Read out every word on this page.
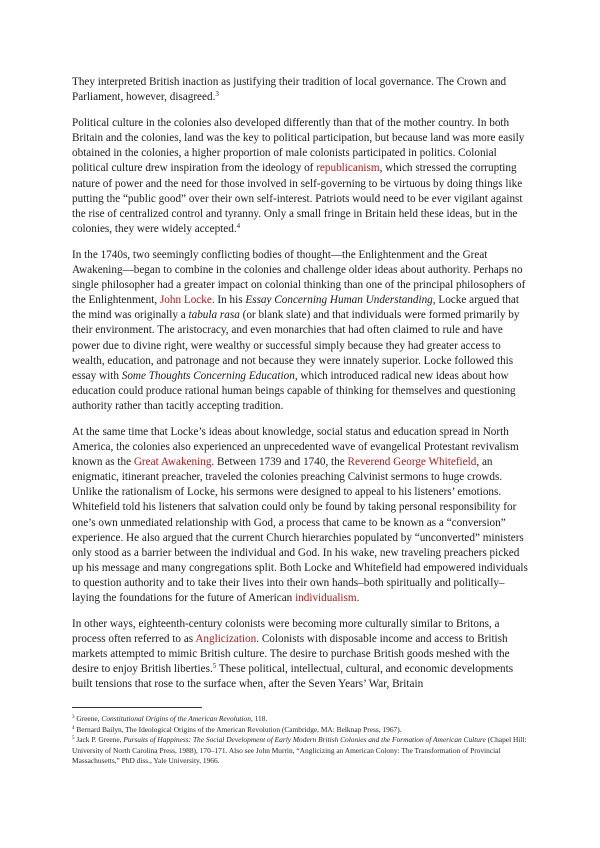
They interpreted British inaction as justifying their tradition of local governance. The Crown and Parliament, however, disagreed.$^3$

Political culture in the colonies also developed differently than that of the mother country. In both Britain and the colonies, land was the key to political participation, but because land was more easily obtained in the colonies, a higher proportion of male colonists participated in politics. Colonial political culture drew inspiration from the ideology of republicanism, which stressed the corrupting nature of power and the need for those involved in self-governing to be virtuous by doing things like putting the “public good” over their own self-interest. Patriots would need to be ever vigilant against the rise of centralized control and tyranny. Only a small fringe in Britain held these ideas, but in the colonies, they were widely accepted.$^4$

In the 1740s, two seemingly conflicting bodies of thought—the Enlightenment and the Great Awakening—began to combine in the colonies and challenge older ideas about authority. Perhaps no single philosopher had a greater impact on colonial thinking than one of the principal philosophers of the Enlightenment, John Locke. In his Essay Concerning Human Understanding, Locke argued that the mind was originally a tabula rasa (or blank slate) and that individuals were formed primarily by their environment. The aristocracy, and even monarchies that had often claimed to rule and have power due to divine right, were wealthy or successful simply because they had greater access to wealth, education, and patronage and not because they were innately superior. Locke followed this essay with Some Thoughts Concerning Education, which introduced radical new ideas about how education could produce rational human beings capable of thinking for themselves and questioning authority rather than tacitly accepting tradition.

At the same time that Locke’s ideas about knowledge, social status and education spread in North America, the colonies also experienced an unprecedented wave of evangelical Protestant revivalism known as the Great Awakening. Between 1739 and 1740, the Reverend George Whitefield, an enigmatic, itinerant preacher, traveled the colonies preaching Calvinist sermons to huge crowds. Unlike the rationalism of Locke, his sermons were designed to appeal to his listeners’ emotions. Whitefield told his listeners that salvation could only be found by taking personal responsibility for one’s own unmediated relationship with God, a process that came to be known as a “conversion” experience. He also argued that the current Church hierarchies populated by “unconverted” ministers only stood as a barrier between the individual and God. In his wake, new traveling preachers picked up his message and many congregations split. Both Locke and Whitefield had empowered individuals to question authority and to take their lives into their own hands–both spiritually and politically–laying the foundations for the future of American individualism.

In other ways, eighteenth-century colonists were becoming more culturally similar to Britons, a process often referred to as Anglicization. Colonists with disposable income and access to British markets attempted to mimic British culture. The desire to purchase British goods meshed with the desire to enjoy British liberties.$^5$ These political, intellectual, cultural, and economic developments built tensions that rose to the surface when, after the Seven Years’ War, Britain

$^3$ Greene, Constitutional Origins of the American Revolution, 118.

$^4$ Bernard Bailyn, The Ideological Origins of the American Revolution (Cambridge, MA: Belknap Press, 1967).

$^5$ Jack P. Greene, Pursuits of Happiness: The Social Development of Early Modern British Colonies and the Formation of American Culture (Chapel Hill: University of North Carolina Press, 1988), 170–171. Also see John Murrin, “Anglicizing an American Colony: The Transformation of Provincial Massachusetts,” PhD diss., Yale University, 1966.
